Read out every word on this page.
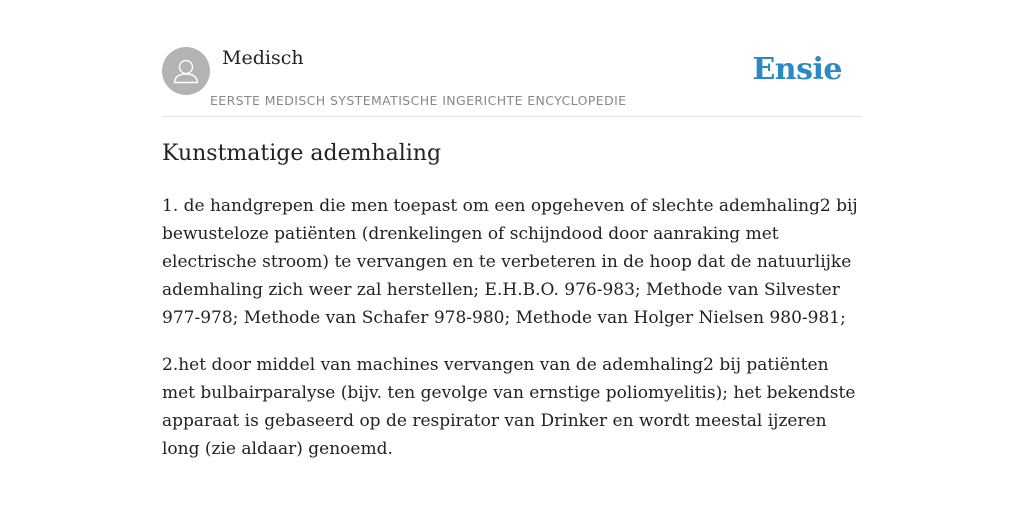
Medisch
EERSTE MEDISCH SYSTEMATISCHE INGERICHTE ENCYCLOPEDIE
Ensie
Kunstmatige ademhaling

1. de handgrepen die men toepast om een opgeheven of slechte ademhaling2 bij bewusteloze patiënten (drenkelingen of schijndood door aanraking met electrische stroom) te vervangen en te verbeteren in de hoop dat de natuurlijke ademhaling zich weer zal herstellen; E.H.B.O. 976-983; Methode van Silvester 977-978; Methode van Schafer 978-980; Methode van Holger Nielsen 980-981;

2.het door middel van machines vervangen van de ademhaling2 bij patiënten met bulbairparalyse (bijv. ten gevolge van ernstige poliomyelitis); het bekendste apparaat is gebaseerd op de respirator van Drinker en wordt meestal ijzeren long (zie aldaar) genoemd.
